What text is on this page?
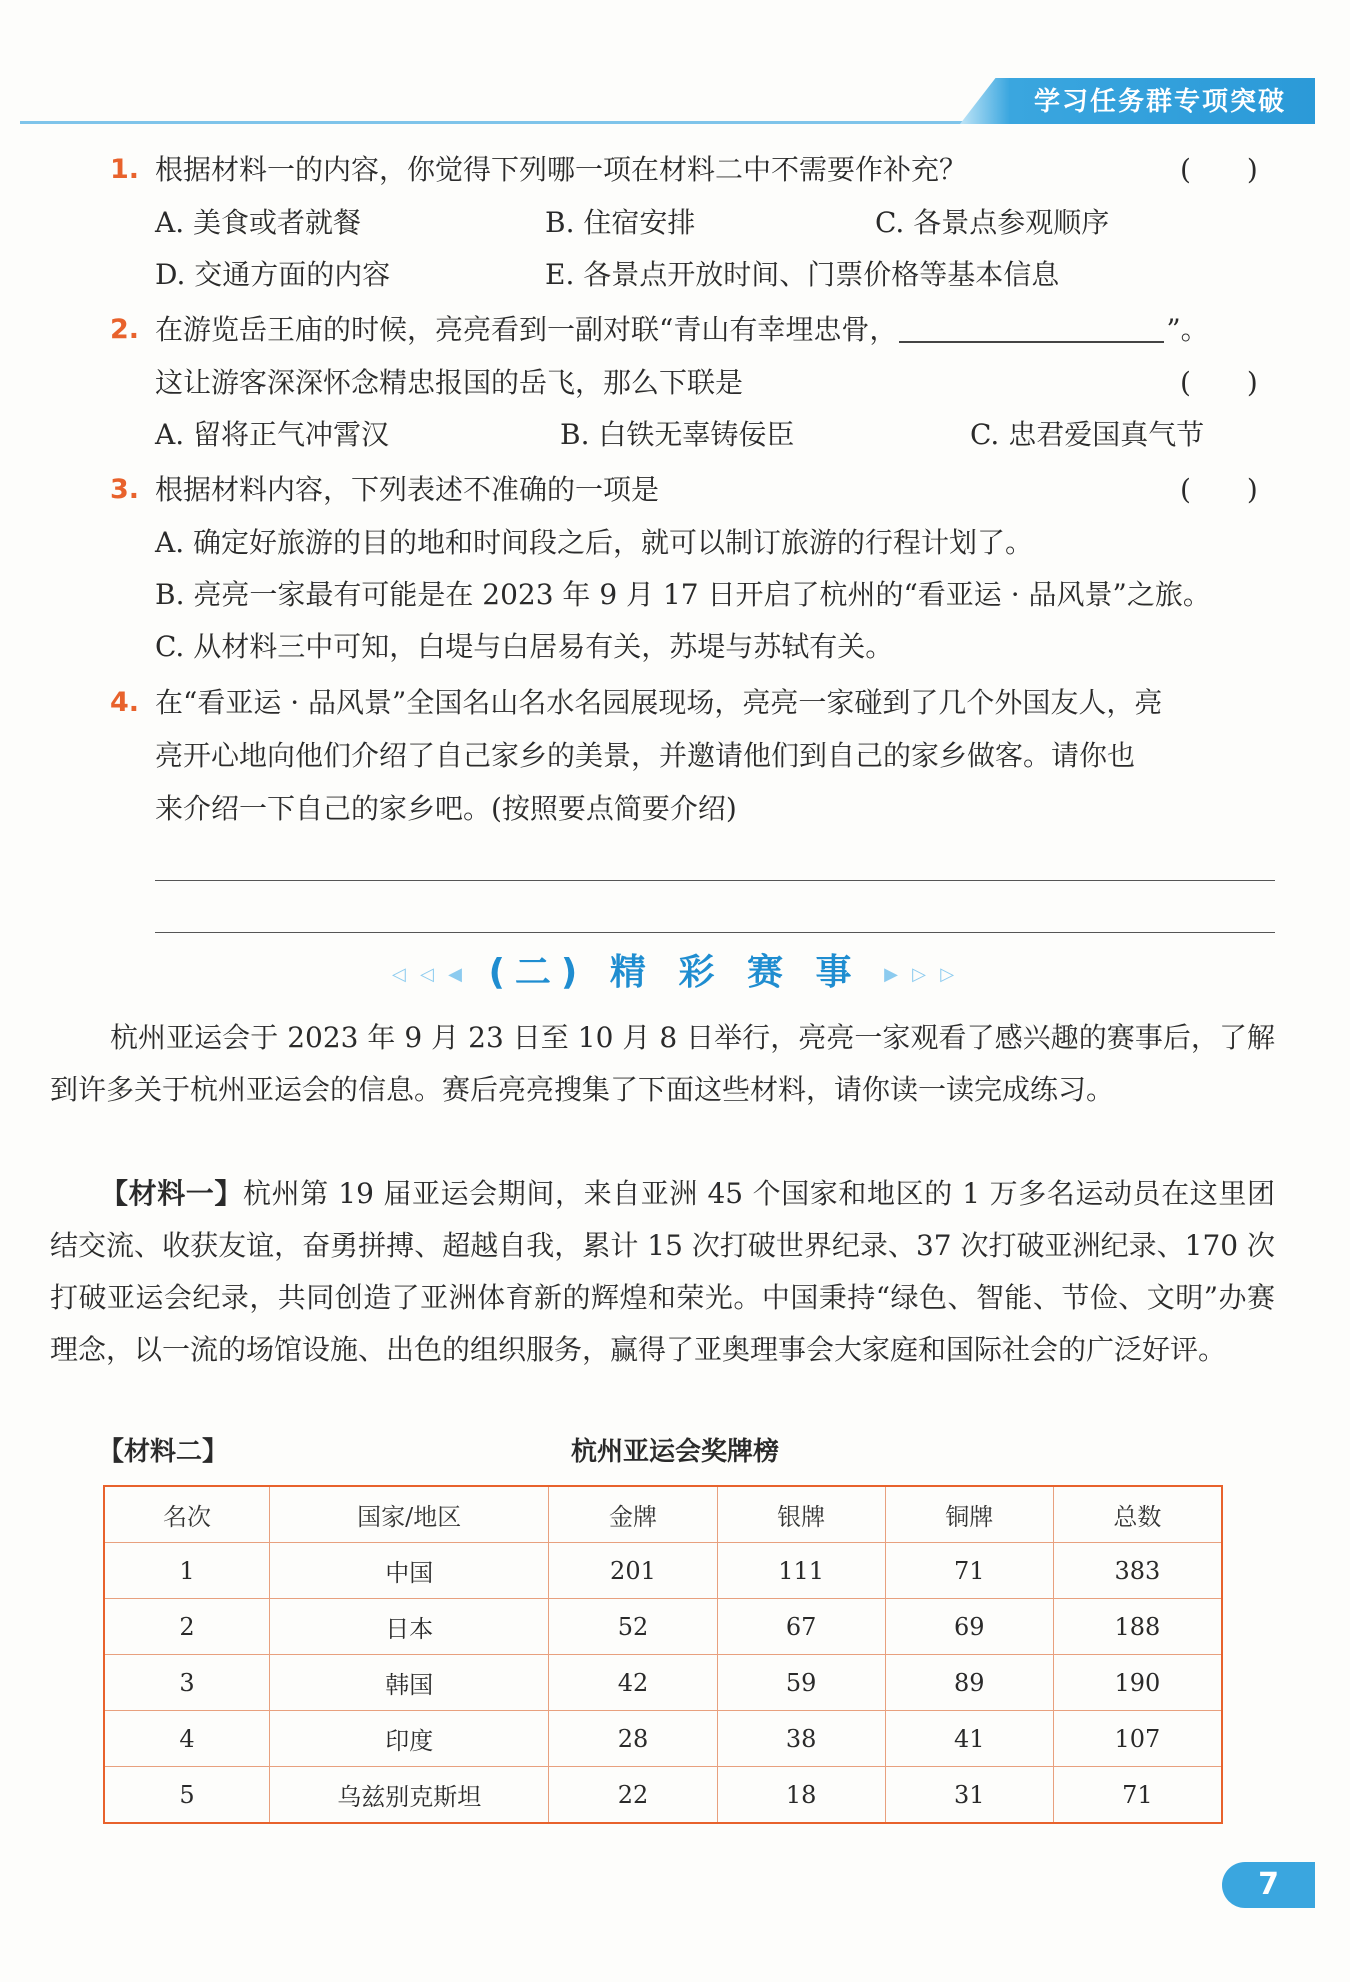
学习任务群专项突破
1. 根据材料一的内容，你觉得下列哪一项在材料二中不需要作补充？	(　　)
A. 美食或者就餐	B. 住宿安排	C. 各景点参观顺序
D. 交通方面的内容	E. 各景点开放时间、门票价格等基本信息
2. 在游览岳王庙的时候，亮亮看到一副对联“青山有幸埋忠骨，	”。
这让游客深深怀念精忠报国的岳飞，那么下联是	(　　)
A. 留将正气冲霄汉	B. 白铁无辜铸佞臣	C. 忠君爱国真气节
3. 根据材料内容，下列表述不准确的一项是	(　　)
A. 确定好旅游的目的地和时间段之后，就可以制订旅游的行程计划了。
B. 亮亮一家最有可能是在 2023 年 9 月 17 日开启了杭州的“看亚运 · 品风景”之旅。
C. 从材料三中可知，白堤与白居易有关，苏堤与苏轼有关。
4. 在“看亚运 · 品风景”全国名山名水名园展现场，亮亮一家碰到了几个外国友人，亮
亮开心地向他们介绍了自己家乡的美景，并邀请他们到自己的家乡做客。请你也
来介绍一下自己的家乡吧。(按照要点简要介绍)
◁ ◁ ◀ (二) 精 彩 赛 事 ▶ ▷ ▷
杭州亚运会于 2023 年 9 月 23 日至 10 月 8 日举行，亮亮一家观看了感兴趣的赛事后，了解到许多关于杭州亚运会的信息。赛后亮亮搜集了下面这些材料，请你读一读完成练习。
【材料一】杭州第 19 届亚运会期间，来自亚洲 45 个国家和地区的 1 万多名运动员在这里团结交流、收获友谊，奋勇拼搏、超越自我，累计 15 次打破世界纪录、37 次打破亚洲纪录、170 次打破亚运会纪录，共同创造了亚洲体育新的辉煌和荣光。中国秉持“绿色、智能、节俭、文明”办赛理念，以一流的场馆设施、出色的组织服务，赢得了亚奥理事会大家庭和国际社会的广泛好评。
【材料二】	杭州亚运会奖牌榜
名次	国家/地区	金牌	银牌	铜牌	总数
1	中国	201	111	71	383
2	日本	52	67	69	188
3	韩国	42	59	89	190
4	印度	28	38	41	107
5	乌兹别克斯坦	22	18	31	71
7
